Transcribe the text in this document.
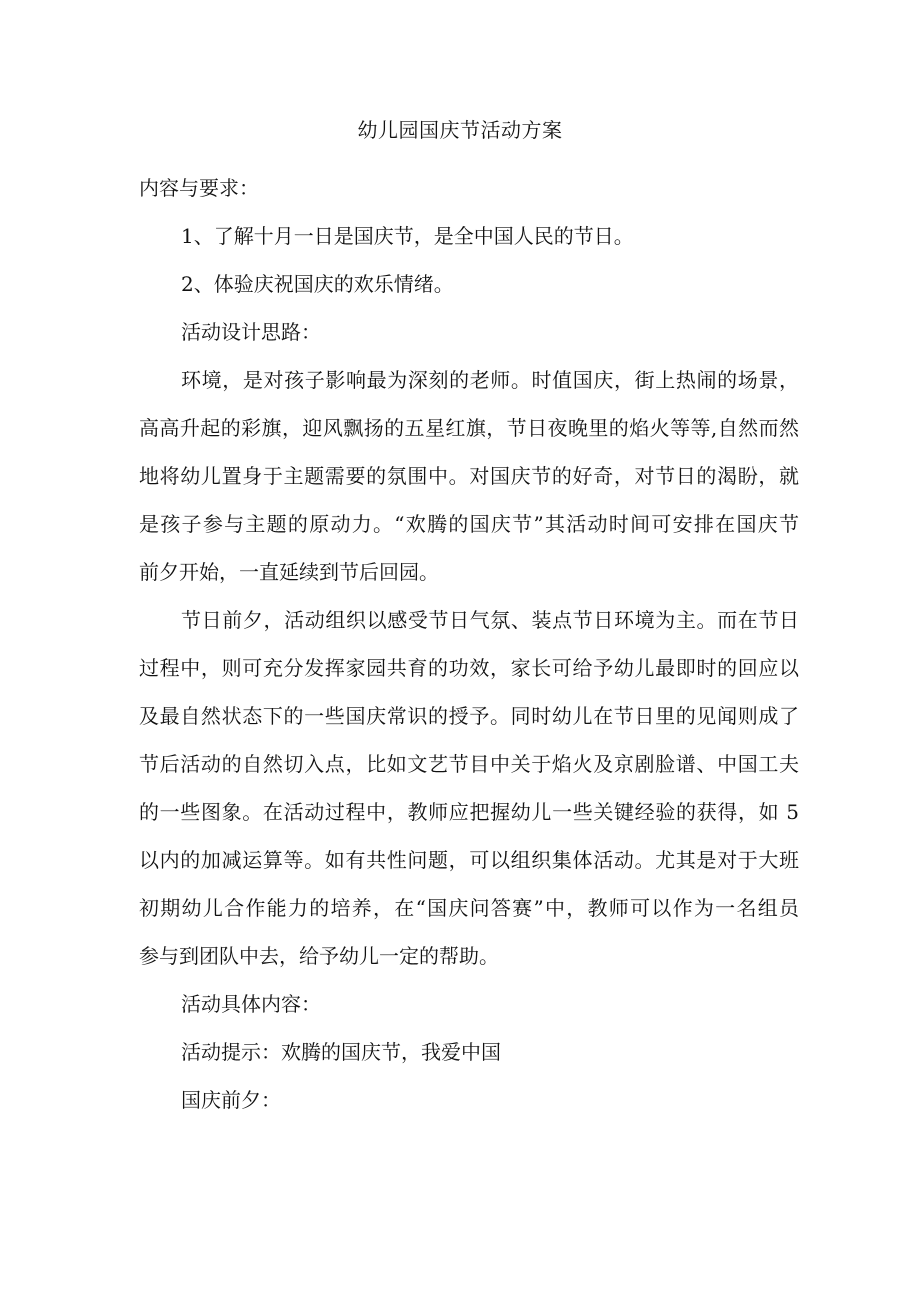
幼儿园国庆节活动方案
内容与要求：
1、了解十月一日是国庆节，是全中国人民的节日。
2、体验庆祝国庆的欢乐情绪。
活动设计思路：
环境，是对孩子影响最为深刻的老师。时值国庆，街上热闹的场景，
高高升起的彩旗，迎风飘扬的五星红旗，节日夜晚里的焰火等等,自然而然
地将幼儿置身于主题需要的氛围中。对国庆节的好奇，对节日的渴盼，就
是孩子参与主题的原动力。“欢腾的国庆节”其活动时间可安排在国庆节
前夕开始，一直延续到节后回园。
节日前夕，活动组织以感受节日气氛、装点节日环境为主。而在节日
过程中，则可充分发挥家园共育的功效，家长可给予幼儿最即时的回应以
及最自然状态下的一些国庆常识的授予。同时幼儿在节日里的见闻则成了
节后活动的自然切入点，比如文艺节目中关于焰火及京剧脸谱、中国工夫
的一些图象。在活动过程中，教师应把握幼儿一些关键经验的获得，如 5
以内的加减运算等。如有共性问题，可以组织集体活动。尤其是对于大班
初期幼儿合作能力的培养，在“国庆问答赛”中，教师可以作为一名组员
参与到团队中去，给予幼儿一定的帮助。
活动具体内容：
活动提示：欢腾的国庆节，我爱中国
国庆前夕：
